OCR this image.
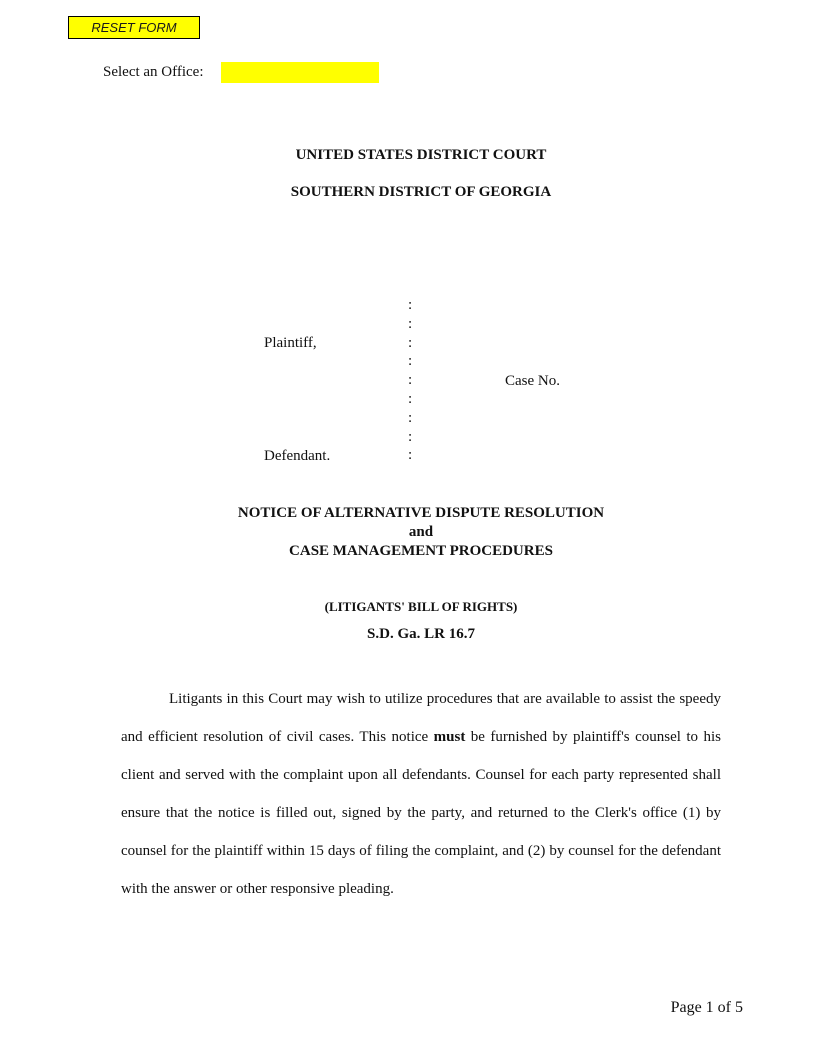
RESET FORM
Select an Office:
UNITED STATES DISTRICT COURT
SOUTHERN DISTRICT OF GEORGIA
Plaintiff,
Defendant.
Case No.
:
:
:
:
:
:
:
:
:
NOTICE OF ALTERNATIVE DISPUTE RESOLUTION
and
CASE MANAGEMENT PROCEDURES
(LITIGANTS' BILL OF RIGHTS)
S.D. Ga. LR 16.7

Litigants in this Court may wish to utilize procedures that are available to assist the speedy and efficient resolution of civil cases. This notice must be furnished by plaintiff's counsel to his client and served with the complaint upon all defendants. Counsel for each party represented shall ensure that the notice is filled out, signed by the party, and returned to the Clerk's office (1) by counsel for the plaintiff within 15 days of filing the complaint, and (2) by counsel for the defendant with the answer or other responsive pleading.

Page 1 of 5
